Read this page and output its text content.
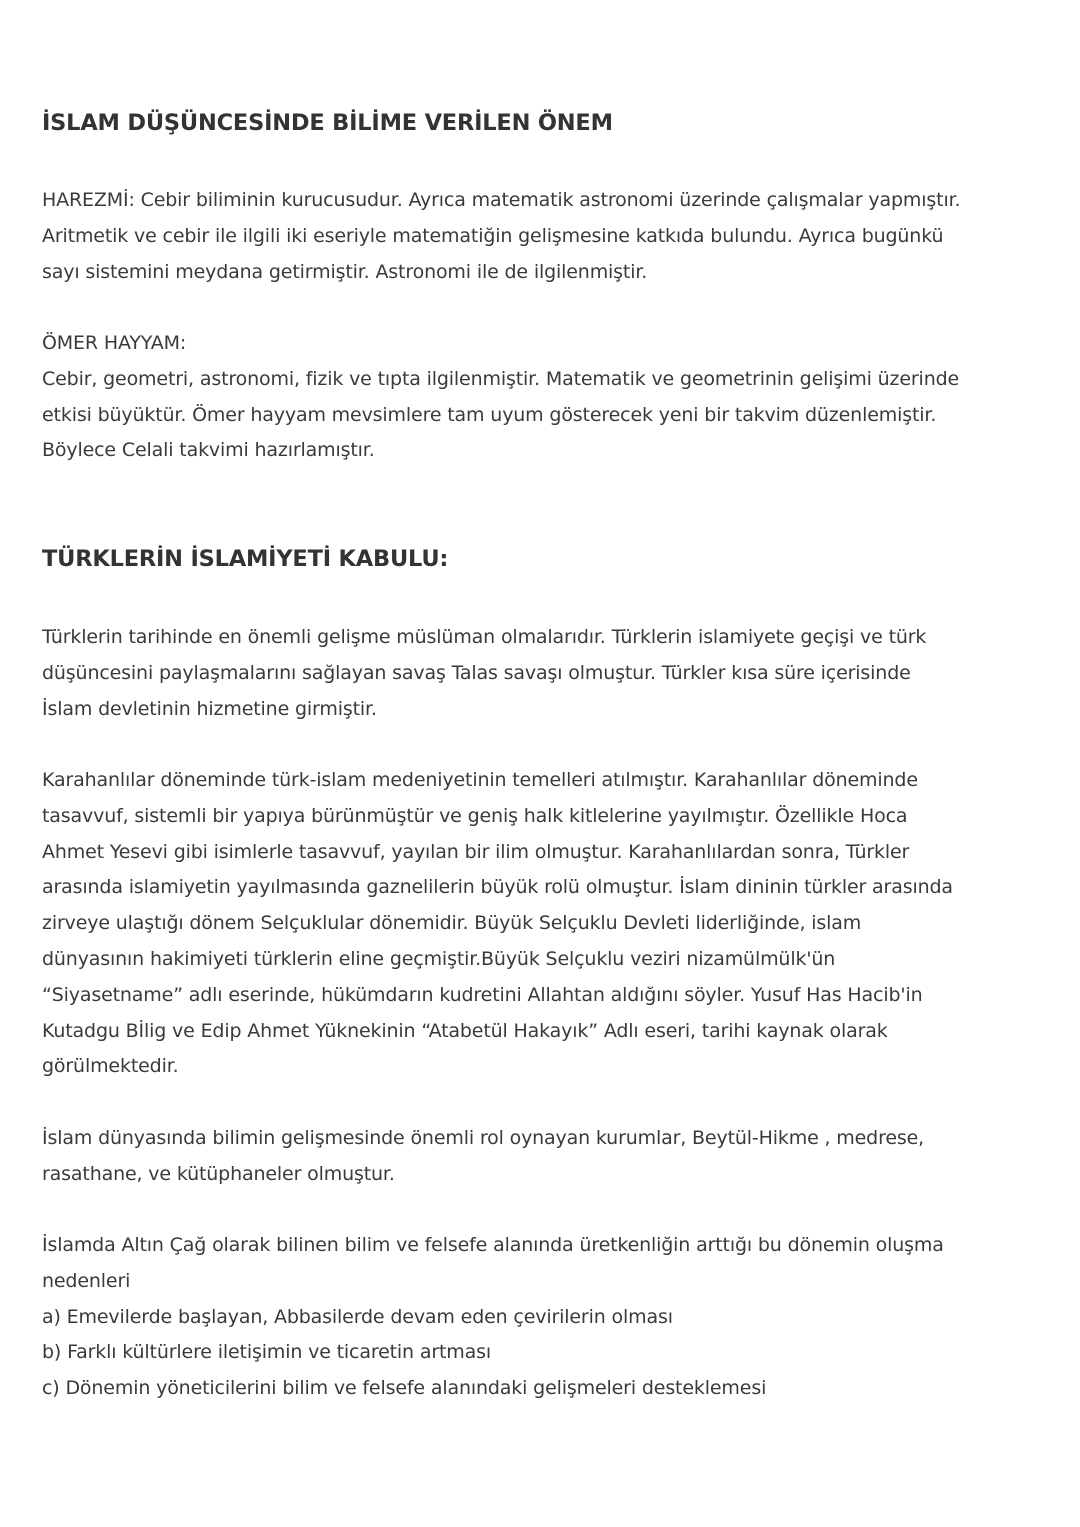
İSLAM DÜŞÜNCESİNDE BİLİME VERİLEN ÖNEM

HAREZMİ: Cebir biliminin kurucusudur. Ayrıca matematik astronomi üzerinde çalışmalar yapmıştır.
Aritmetik ve cebir ile ilgili iki eseriyle matematiğin gelişmesine katkıda bulundu. Ayrıca bugünkü
sayı sistemini meydana getirmiştir. Astronomi ile de ilgilenmiştir.

ÖMER HAYYAM:
Cebir, geometri, astronomi, fizik ve tıpta ilgilenmiştir. Matematik ve geometrinin gelişimi üzerinde
etkisi büyüktür. Ömer hayyam mevsimlere tam uyum gösterecek yeni bir takvim düzenlemiştir.
Böylece Celali takvimi hazırlamıştır.

TÜRKLERİN İSLAMİYETİ KABULU:

Türklerin tarihinde en önemli gelişme müslüman olmalarıdır. Türklerin islamiyete geçişi ve türk
düşüncesini paylaşmalarını sağlayan savaş Talas savaşı olmuştur. Türkler kısa süre içerisinde
İslam devletinin hizmetine girmiştir.

Karahanlılar döneminde türk-islam medeniyetinin temelleri atılmıştır. Karahanlılar döneminde
tasavvuf, sistemli bir yapıya bürünmüştür ve geniş halk kitlelerine yayılmıştır. Özellikle Hoca
Ahmet Yesevi gibi isimlerle tasavvuf, yayılan bir ilim olmuştur. Karahanlılardan sonra, Türkler
arasında islamiyetin yayılmasında gaznelilerin büyük rolü olmuştur. İslam dininin türkler arasında
zirveye ulaştığı dönem Selçuklular dönemidir. Büyük Selçuklu Devleti liderliğinde, islam
dünyasının hakimiyeti türklerin eline geçmiştir.Büyük Selçuklu veziri nizamülmülk'ün
“Siyasetname” adlı eserinde, hükümdarın kudretini Allahtan aldığını söyler. Yusuf Has Hacib'in
Kutadgu Bİlig ve Edip Ahmet Yüknekinin “Atabetül Hakayık” Adlı eseri, tarihi kaynak olarak
görülmektedir.

İslam dünyasında bilimin gelişmesinde önemli rol oynayan kurumlar, Beytül-Hikme , medrese,
rasathane, ve kütüphaneler olmuştur.

İslamda Altın Çağ olarak bilinen bilim ve felsefe alanında üretkenliğin arttığı bu dönemin oluşma
nedenleri
a) Emevilerde başlayan, Abbasilerde devam eden çevirilerin olması
b) Farklı kültürlere iletişimin ve ticaretin artması
c) Dönemin yöneticilerini bilim ve felsefe alanındaki gelişmeleri desteklemesi
